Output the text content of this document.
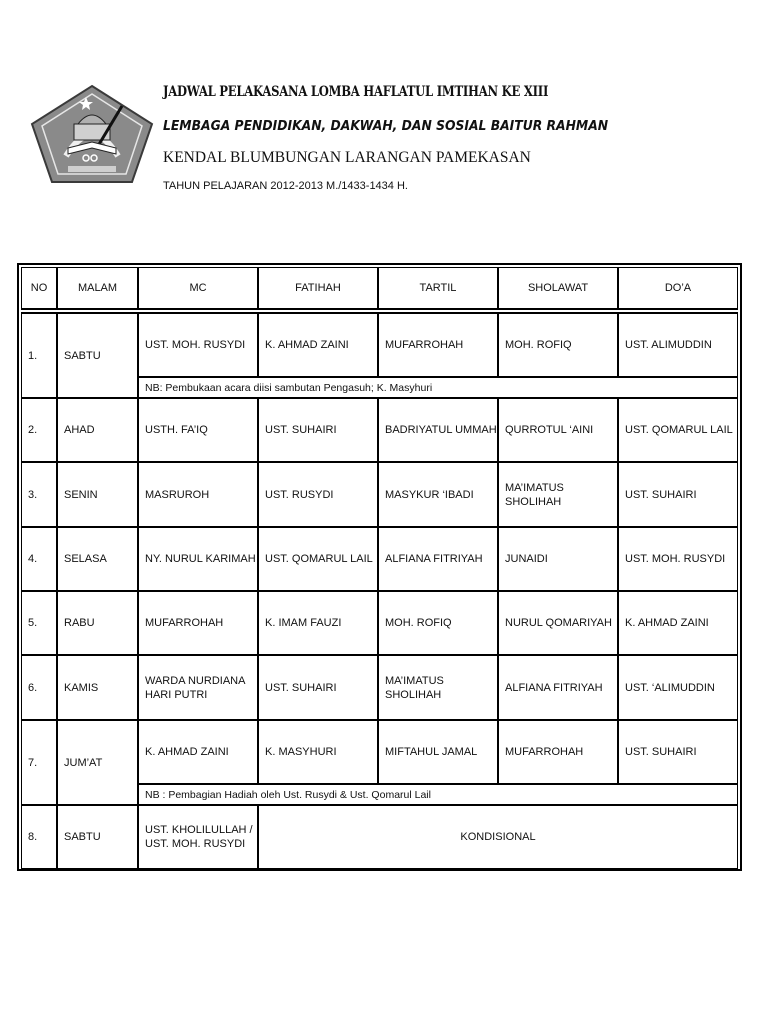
JADWAL PELAKASANA LOMBA HAFLATUL IMTIHAN KE XIII
LEMBAGA PENDIDIKAN, DAKWAH, DAN SOSIAL BAITUR RAHMAN
KENDAL BLUMBUNGAN LARANGAN PAMEKASAN
TAHUN PELAJARAN 2012-2013 M./1433-1434 H.
NO	MALAM	MC	FATIHAH	TARTIL	SHOLAWAT	DO’A

1.	SABTU	UST. MOH. RUSYDI	K. AHMAD ZAINI	MUFARROHAH	MOH. ROFIQ	UST. ALIMUDDIN
		NB: Pembukaan acara diisi sambutan Pengasuh; K. Masyhuri				
2.	AHAD	USTH. FA’IQ	UST. SUHAIRI	BADRIYATUL UMMAH	QURROTUL ‘AINI	UST. QOMARUL LAIL
3.	SENIN	MASRUROH	UST. RUSYDI	MASYKUR ‘IBADI	MA’IMATUS SHOLIHAH	UST. SUHAIRI
4.	SELASA	NY. NURUL KARIMAH	UST. QOMARUL LAIL	ALFIANA FITRIYAH	JUNAIDI	UST. MOH. RUSYDI
5.	RABU	MUFARROHAH	K. IMAM FAUZI	MOH. ROFIQ	NURUL QOMARIYAH	K. AHMAD ZAINI
6.	KAMIS	WARDA NURDIANA HARI PUTRI	UST. SUHAIRI	MA’IMATUS SHOLIHAH	ALFIANA FITRIYAH	UST. ‘ALIMUDDIN
7.	JUM’AT	K. AHMAD ZAINI	K. MASYHURI	MIFTAHUL JAMAL	MUFARROHAH	UST. SUHAIRI
		NB : Pembagian Hadiah oleh Ust. Rusydi & Ust. Qomarul Lail				
8.	SABTU	UST. KHOLILULLAH / UST. MOH. RUSYDI	KONDISIONAL			
